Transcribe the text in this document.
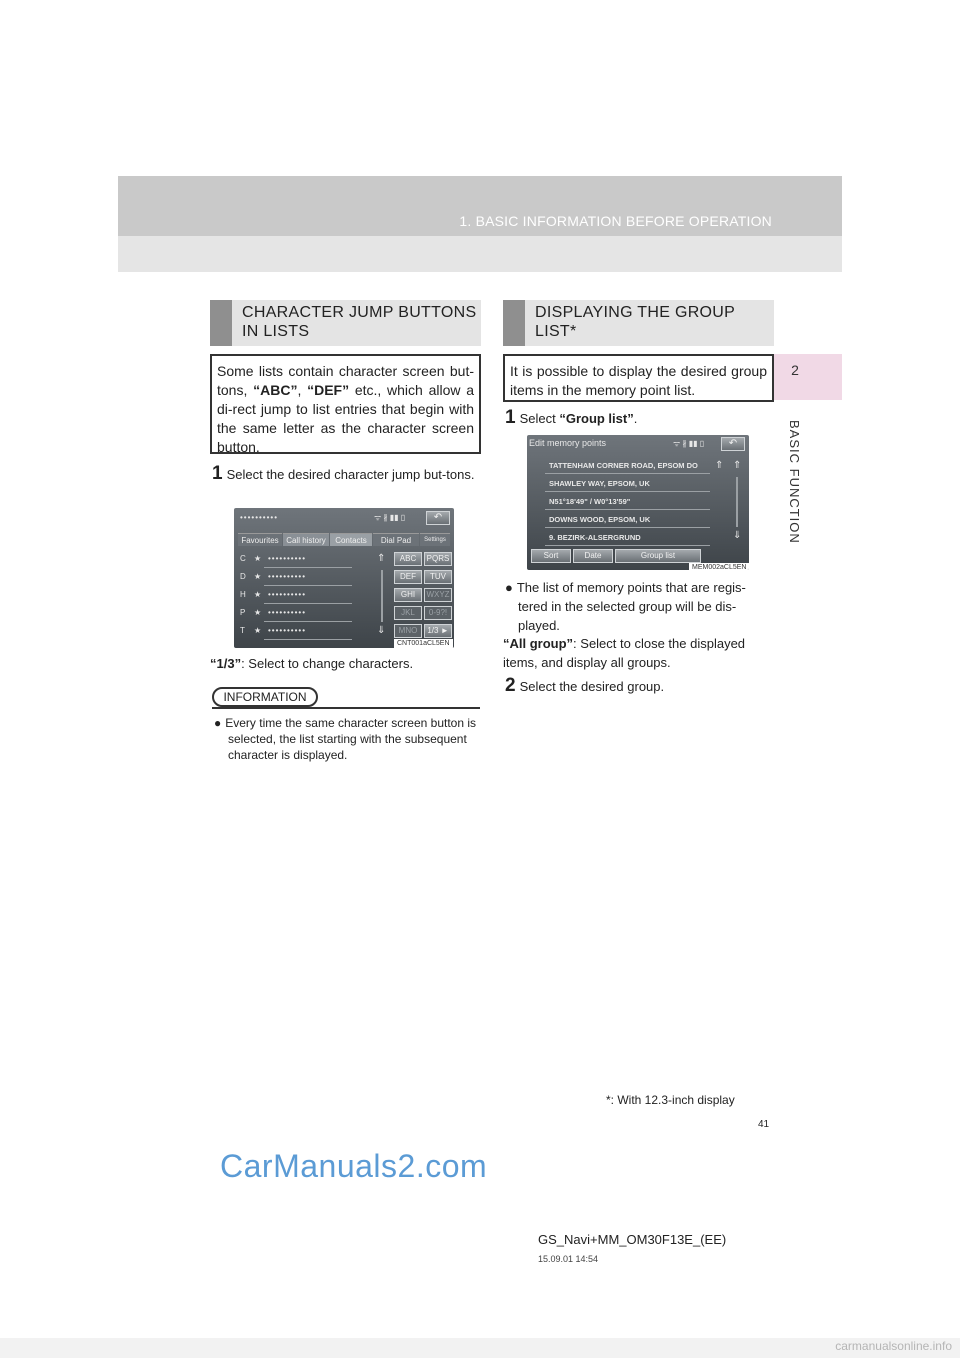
1. BASIC INFORMATION BEFORE OPERATION
2
BASIC FUNCTION
CHARACTER JUMP BUTTONS
IN LISTS
Some lists contain character screen but-tons, “ABC”, “DEF” etc., which allow a di-rect jump to list entries that begin with the same letter as the character screen button.
1 Select the desired character jump but-tons.
••••••••••	ᯤ ∦ ▮▮ ▯	↶
Favourites Call history	Contacts	Dial Pad	Settings
C ★ ••••••••••
D ★ ••••••••••
H ★ ••••••••••
P ★ ••••••••••
T ★ ••••••••••
⇑
⇓
ABC	PQRS
DEF	TUV
GHI	WXYZ
JKL	0-9?!
MNO	1/3 ►
CNT001aCL5EN
“1/3”: Select to change characters.
INFORMATION
● Every time the same character screen button is selected, the list starting with the subsequent character is displayed.
DISPLAYING THE GROUP
LIST*
It is possible to display the desired group items in the memory point list.
1 Select “Group list”.
Edit memory points	ᯤ ∦ ▮▮ ▯	↶
TATTENHAM CORNER ROAD, EPSOM DO
SHAWLEY WAY, EPSOM, UK
N51°18'49" / W0°13'59"
DOWNS WOOD, EPSOM, UK
9. BEZIRK-ALSERGRUND
⇑ ⇑
⇓
Sort	Date	Group list
MEM002aCL5EN
● The list of memory points that are regis-tered in the selected group will be dis-played.
“All group”: Select to close the displayed items, and display all groups.
2 Select the desired group.
*: With 12.3-inch display
41
CarManuals2.com
GS_Navi+MM_OM30F13E_(EE)
15.09.01 14:54
carmanualsonline.info
